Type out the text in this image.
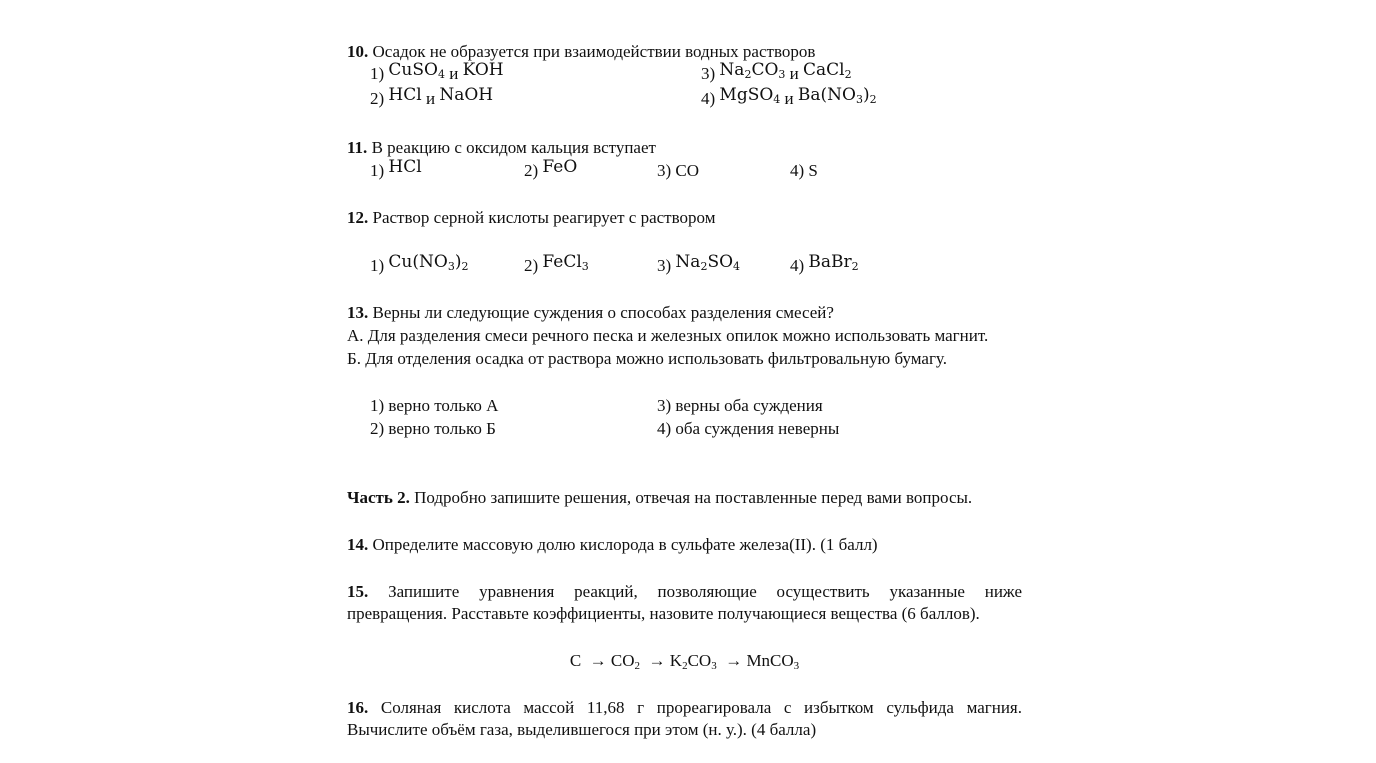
10. Осадок не образуется при взаимодействии водных растворов
1) CuSO$_4$ и KOH
2) HCl и NaOH
3) $Na_2CO_3$ и CaCl$_2$
4) MgSO$_4$ и $Ba(NO_3)_2$
11. В реакцию с оксидом кальция вступает
1) HCl	2) FeO	3) CO	4) S
12. Раствор серной кислоты реагирует с раствором
1) $Cu(NO_3)_2$	2) FeCl$_3$	3) $Na_2SO_4$	4) BaBr$_2$
13. Верны ли следующие суждения о способах разделения смесей?
А. Для разделения смеси речного песка и железных опилок можно использовать магнит.
Б. Для отделения осадка от раствора можно использовать фильтровальную бумагу.
1) верно только А
2) верно только Б
3) верны оба суждения
4) оба суждения неверны
Часть 2. Подробно запишите решения, отвечая на поставленные перед вами вопросы.
14. Определите массовую долю кислорода в сульфате железа(II). (1 балл)
15. Запишите уравнения реакций, позволяющие осуществить указанные ниже
превращения. Расставьте коэффициенты, назовите получающиеся вещества (6 баллов).
$C \to CO_2 \to K_2CO_3$ → MnCO$_3$
16. Соляная кислота массой 11,68 г прореагировала с избытком сульфида магния.
Вычислите объём газа, выделившегося при этом (н. у.). (4 балла)
